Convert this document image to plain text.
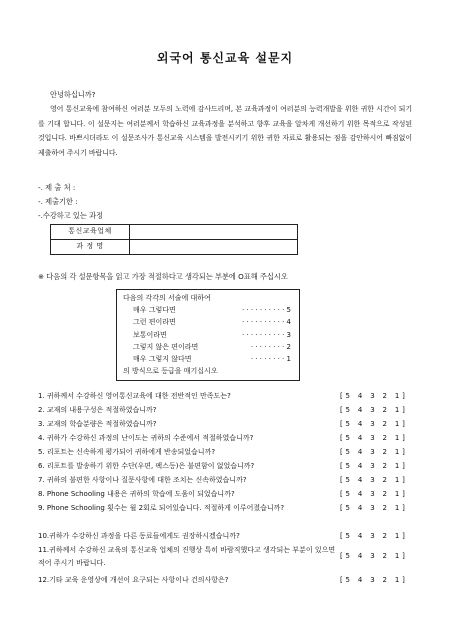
외국어 통신교육 설문지
안녕하십니까?
영어 통신교육에 참여하신 여러분 모두의 노력에 감사드리며, 본 교육과정이 여러분의 능력개발을 위한 귀한 시간이 되기를 기대 합니다. 이 설문지는 여러분께서 학습하신 교육과정을 분석하고 향후 교육을 알차게 개선하기 위한 목적으로 작성된 것입니다. 바쁘시더라도 이 설문조사가 통신교육 시스템을 발전시키기 위한 귀한 자료로 활용되는 점을 감안하시어 빠짐없이 제출하여 주시기 바랍니다.
-. 제 출 처 :
-. 제출기한 :
-.수강하고 있는 과정
통신교육업체	
과 정 명	
※ 다음의 각 설문항목을 읽고 가장 적절하다고 생각되는 부분에 O표해 주십시오
다음의 각각의 서술에 대하여
매우 그렇다면	· · · · · · · · · · 5
그런 편이라면	· · · · · · · · · · 4
보통이라면	· · · · · · · · · · 3
그렇지 않은 편이라면	· · · · · · · · 2
매우 그렇지 않다면	· · · · · · · · 1
의 방식으로 등급을 매기십시오
1. 귀하께서 수강하신 영어통신교육에 대한 전반적인 만족도는?	[ 5   4   3   2   1 ]
2. 교재의 내용구성은 적절하였습니까?	[ 5   4   3   2   1 ]
3. 교재의 학습분량은 적절하였습니까?	[ 5   4   3   2   1 ]
4. 귀하가 수강하신 과정의 난이도는 귀하의 수준에서 적절하였습니까?	[ 5   4   3   2   1 ]
5. 리포트는 신속하게 평가되어 귀하에게 반송되었습니까?	[ 5   4   3   2   1 ]
6. 리포트를 발송하기 위한 수단(우편, 팩스등)은 불편함이 없었습니까?	[ 5   4   3   2   1 ]
7. 귀하의 불편한 사항이나 질문사항에 대한 조치는 신속하였습니까?	[ 5   4   3   2   1 ]
8. Phone Schooling 내용은 귀하의 학습에 도움이 되었습니까?	[ 5   4   3   2   1 ]
9. Phone Schooling 횟수는 월 2회로 되어있습니다. 적절하게 이루어졌습니까?	[ 5   4   3   2   1 ]
10.귀하가 수강하신 과정을 다른 동료들에게도 권장하시겠습니까?	[ 5   4   3   2   1 ]
11.귀하께서 수강하신 교육의 통신교육 업체의 진행상 특히 바람직했다고 생각되는 부분이 있으면 적어 주시기 바랍니다.
[ 5   4   3   2   1 ]
12.기타 교육 운영상에 개선이 요구되는 사항이나 건의사항은?	[ 5   4   3   2   1 ]
